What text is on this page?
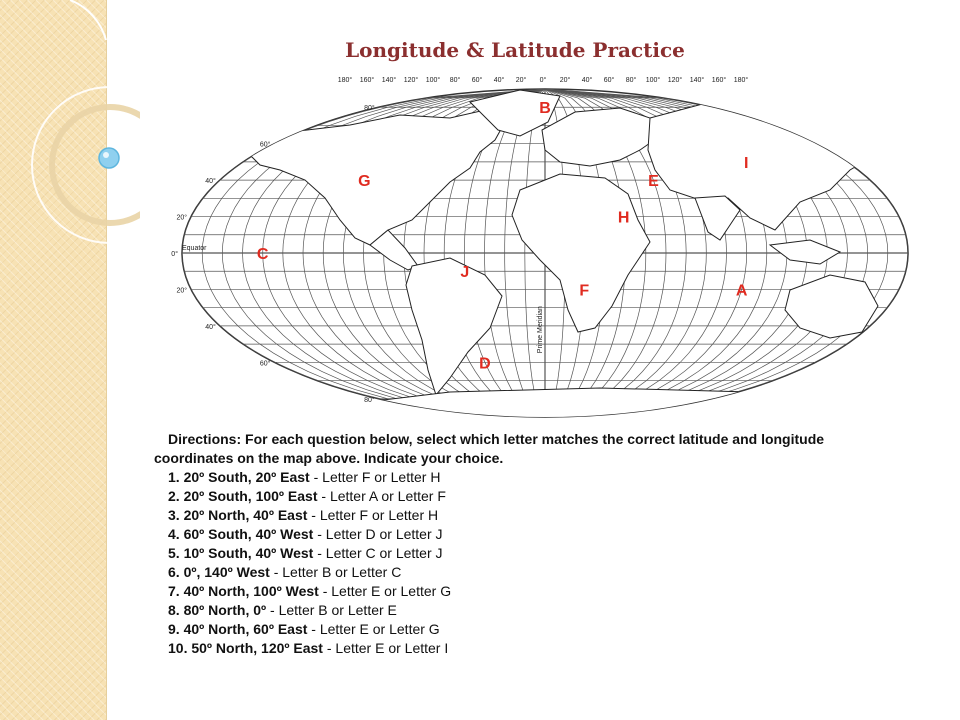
Longitude & Latitude Practice
180° 160° 140° 120° 100° 80° 60° 40° 20° 0° 20° 40° 60° 80° 100° 120° 140° 160° 180°
80°
60°
40°
20°
0°
20°
40°
60°
80°
Equator
Prime Meridian
B
I
G	E
H
C
J
F	A
D

Directions: For each question below, select which letter matches the correct latitude and longitude coordinates on the map above. Indicate your choice.

1. 20º South, 20º East - Letter F or Letter H
2. 20º South, 100º East - Letter A or Letter F
3. 20º North, 40º East - Letter F or Letter H
4. 60º South, 40º West - Letter D or Letter J
5. 10º South, 40º West - Letter C or Letter J
6. 0º, 140º West - Letter B or Letter C
7. 40º North, 100º West - Letter E or Letter G
8. 80º North, 0º - Letter B or Letter E
9. 40º North, 60º East - Letter E or Letter G
10. 50º North, 120º East - Letter E or Letter I
